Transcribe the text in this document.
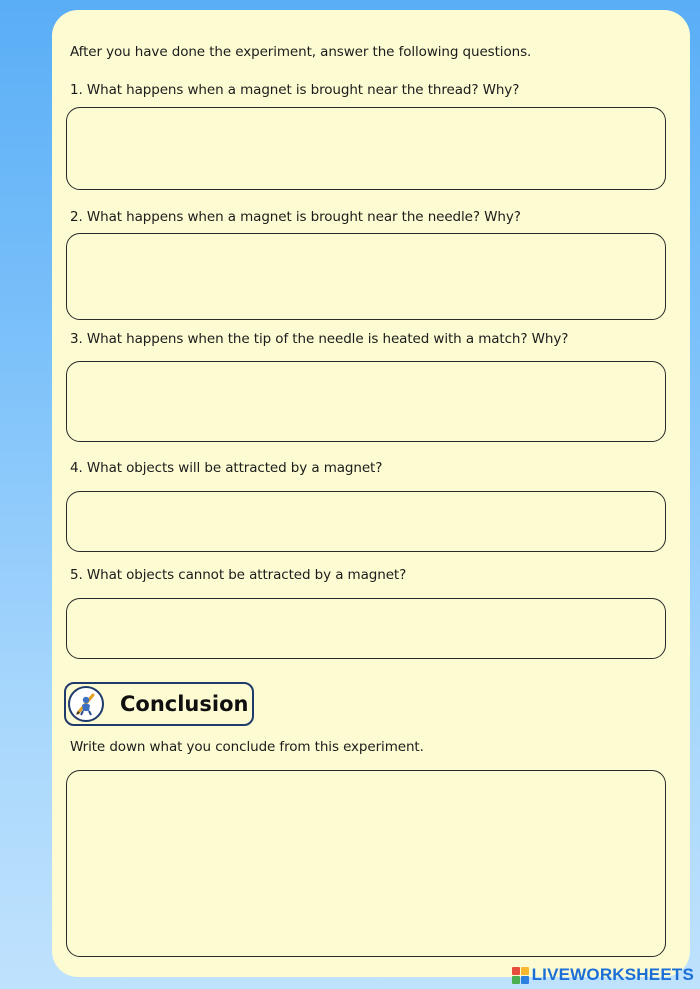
After you have done the experiment, answer the following questions.
1. What happens when a magnet is brought near the thread? Why?
2. What happens when a magnet is brought near the needle? Why?
3. What happens when the tip of the needle is heated with a match? Why?
4. What objects will be attracted by a magnet?
5. What objects cannot be attracted by a magnet?
Conclusion
Write down what you conclude from this experiment.
LIVEWORKSHEETS
